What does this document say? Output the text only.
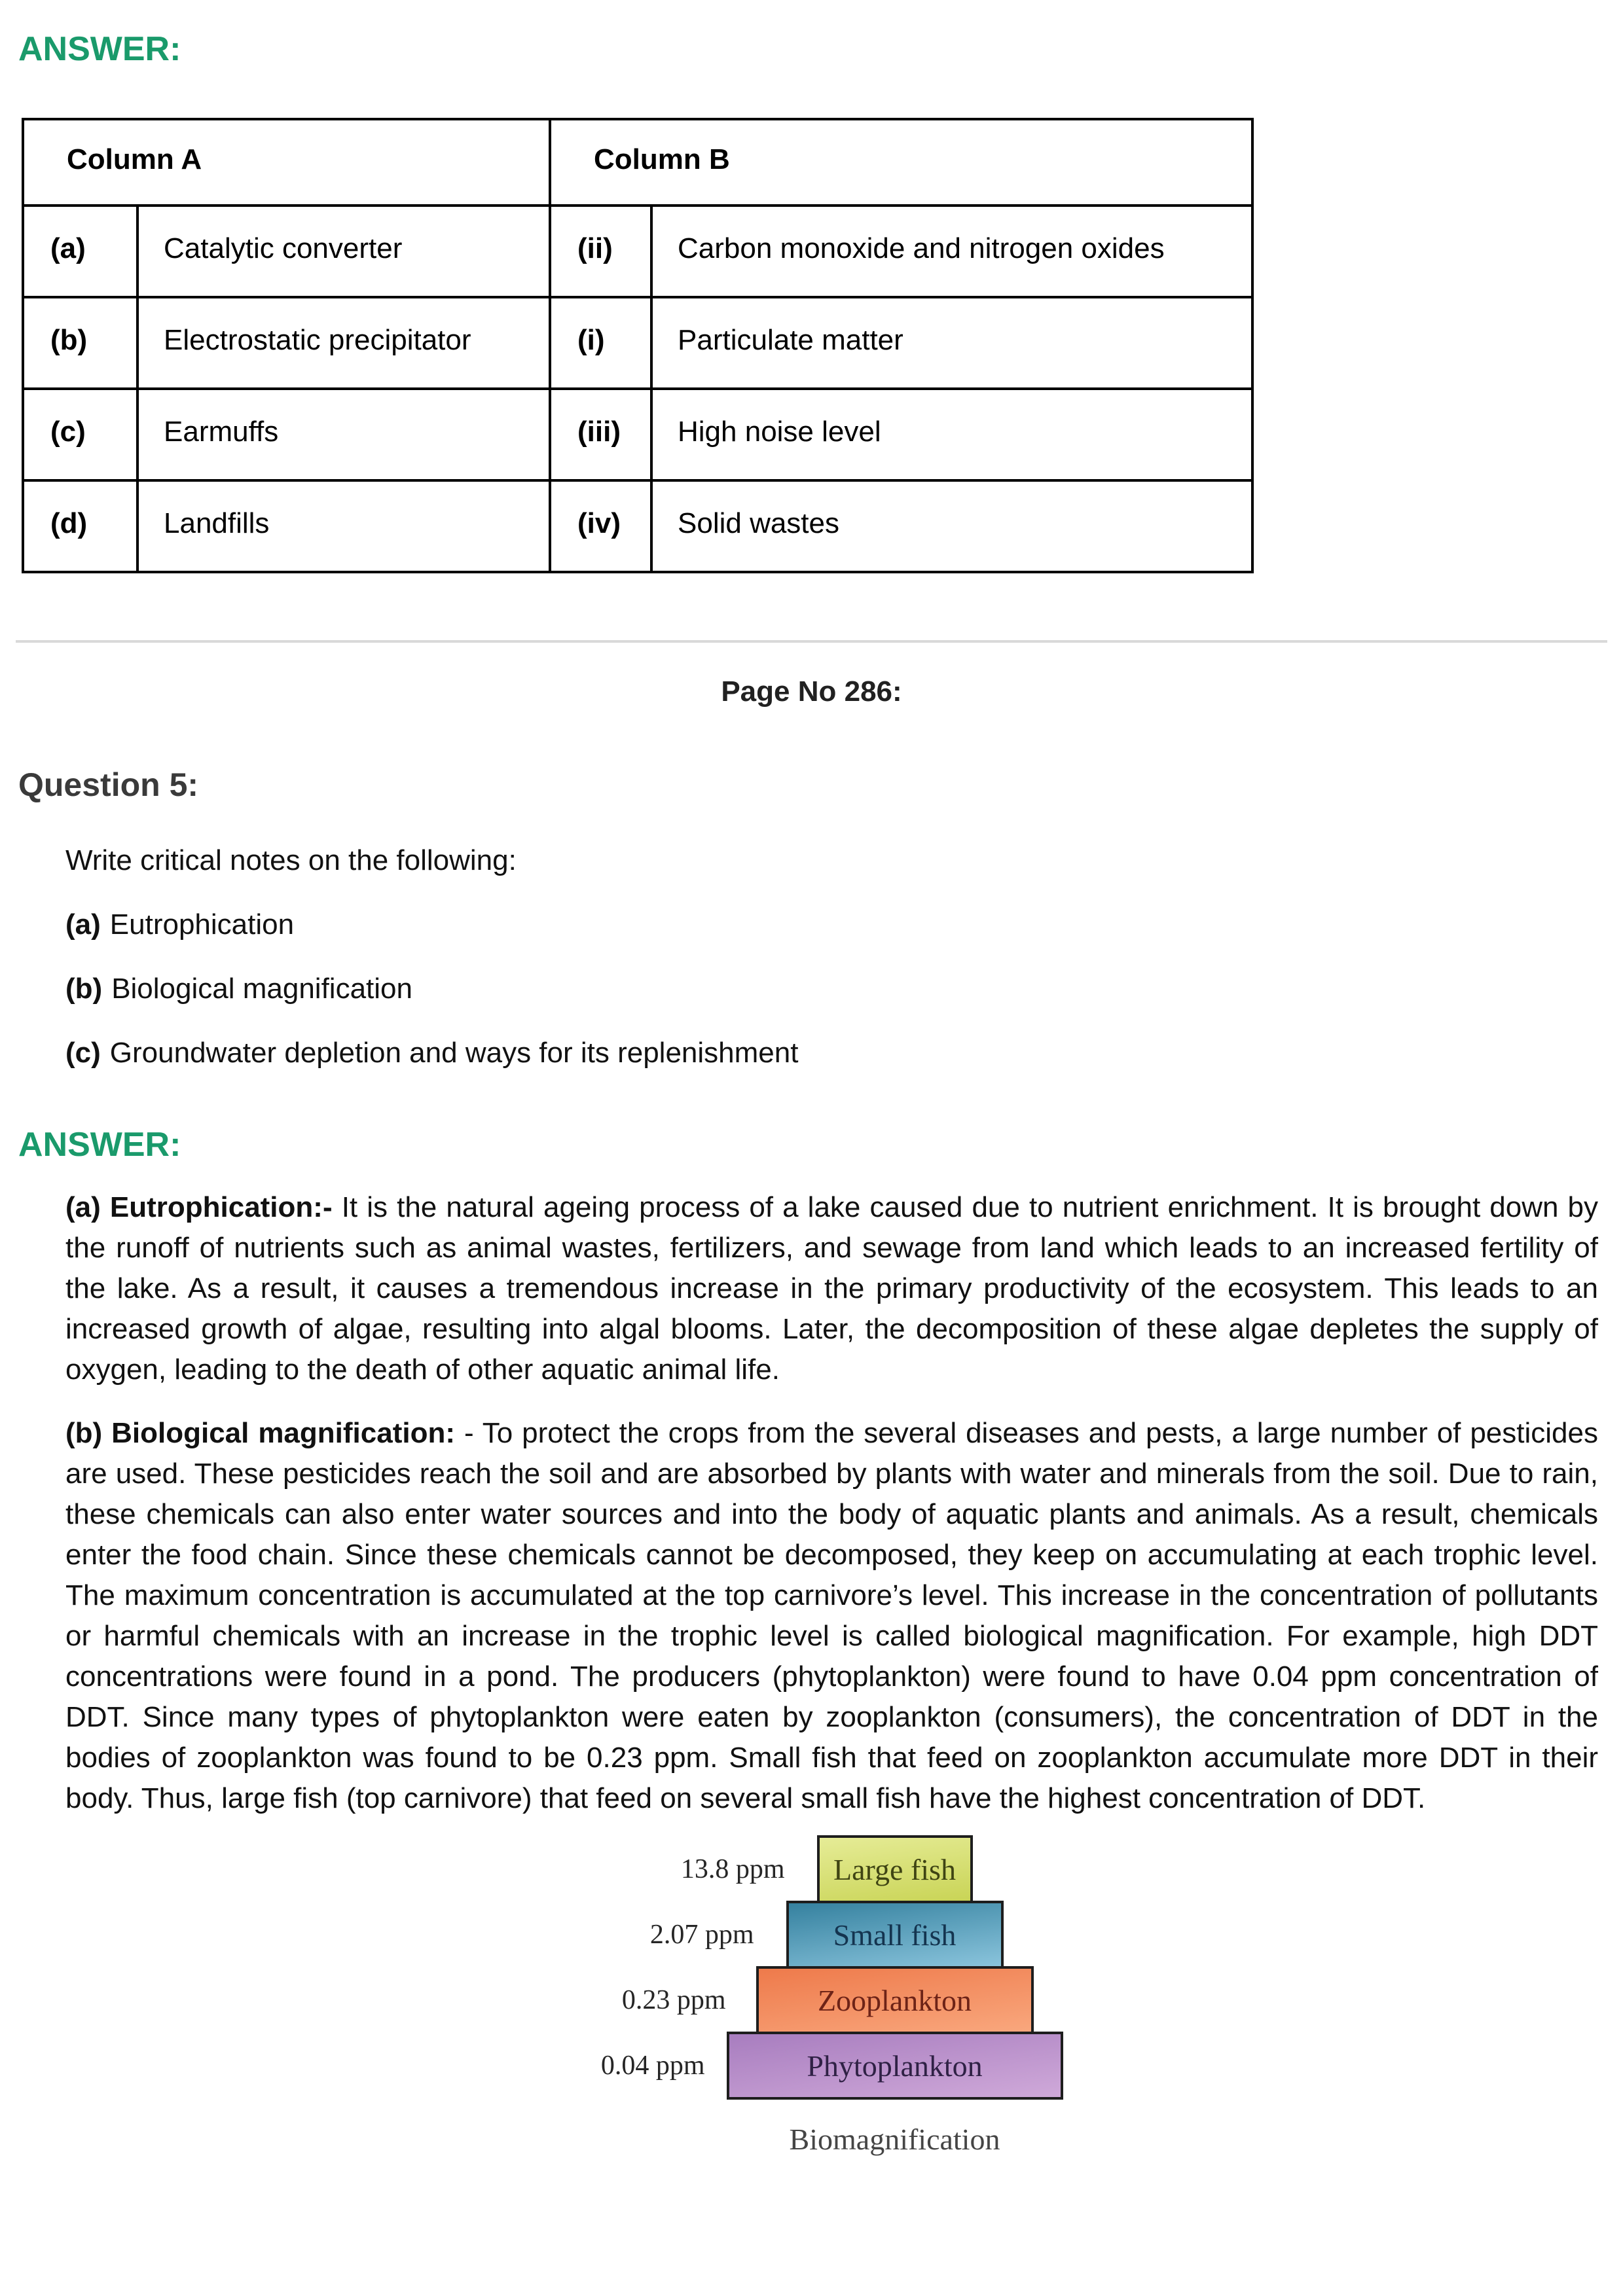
ANSWER:
Column A		Column B	
(a)	Catalytic converter	(ii)	Carbon monoxide and nitrogen oxides
(b)	Electrostatic precipitator	(i)	Particulate matter
(c)	Earmuffs	(iii)	High noise level
(d)	Landfills	(iv)	Solid wastes
Page No 286:
Question 5:
Write critical notes on the following:
(a) Eutrophication
(b) Biological magnification
(c) Groundwater depletion and ways for its replenishment
ANSWER:
(a) Eutrophication:- It is the natural ageing process of a lake caused due to nutrient enrichment. It is brought down by the runoff of nutrients such as animal wastes, fertilizers, and sewage from land which leads to an increased fertility of the lake. As a result, it causes a tremendous increase in the primary productivity of the ecosystem. This leads to an increased growth of algae, resulting into algal blooms. Later, the decomposition of these algae depletes the supply of oxygen, leading to the death of other aquatic animal life.
(b) Biological magnification: - To protect the crops from the several diseases and pests, a large number of pesticides are used. These pesticides reach the soil and are absorbed by plants with water and minerals from the soil. Due to rain, these chemicals can also enter water sources and into the body of aquatic plants and animals. As a result, chemicals enter the food chain. Since these chemicals cannot be decomposed, they keep on accumulating at each trophic level. The maximum concentration is accumulated at the top carnivore’s level. This increase in the concentration of pollutants or harmful chemicals with an increase in the trophic level is called biological magnification. For example, high DDT concentrations were found in a pond. The producers (phytoplankton) were found to have 0.04 ppm concentration of DDT. Since many types of phytoplankton were eaten by zooplankton (consumers), the concentration of DDT in the bodies of zooplankton was found to be 0.23 ppm. Small fish that feed on zooplankton accumulate more DDT in their body. Thus, large fish (top carnivore) that feed on several small fish have the highest concentration of DDT.
13.8 ppm	Large fish
2.07 ppm	Small fish
0.23 ppm	Zooplankton
0.04 ppm	Phytoplankton
Biomagnification
